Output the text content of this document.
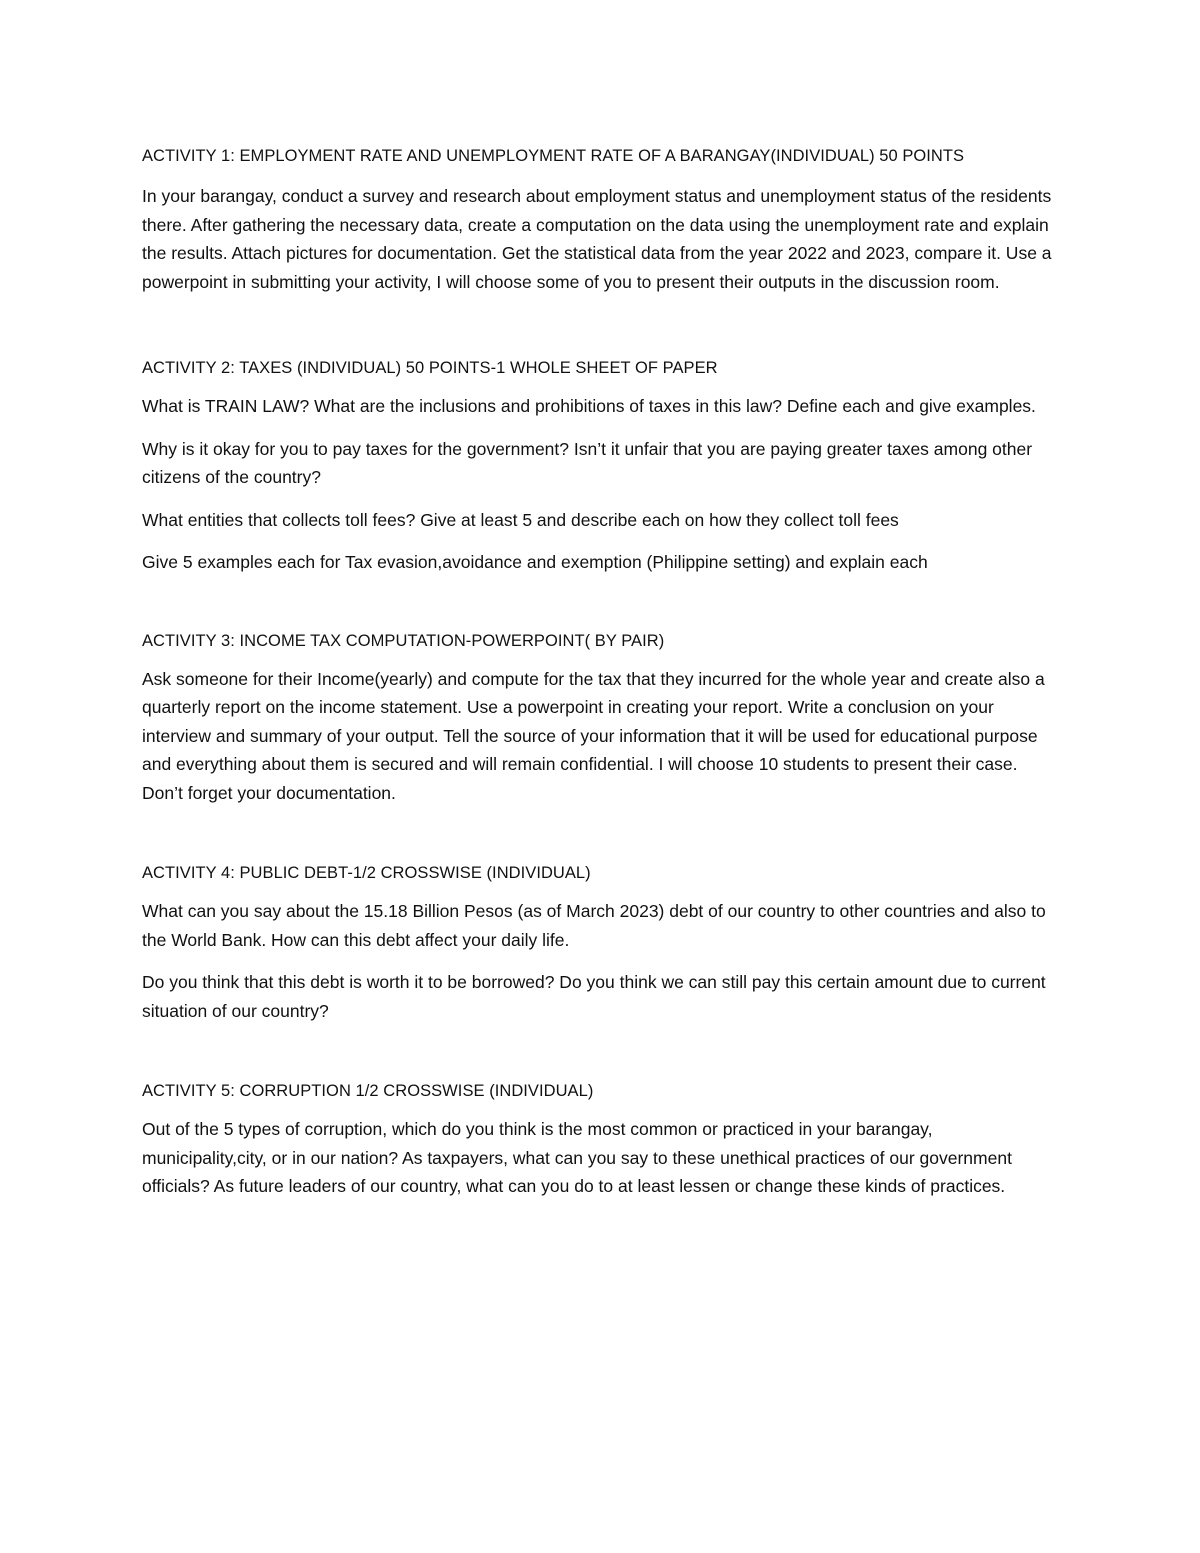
ACTIVITY 1: EMPLOYMENT RATE AND UNEMPLOYMENT RATE OF A BARANGAY(INDIVIDUAL) 50 POINTS

In your barangay, conduct a survey and research about employment status and unemployment status of the residents there. After gathering the necessary data, create a computation on the data using the unemployment rate and explain the results. Attach pictures for documentation. Get the statistical data from the year 2022 and 2023, compare it. Use a powerpoint in submitting your activity, I will choose some of you to present their outputs in the discussion room.

ACTIVITY 2: TAXES (INDIVIDUAL) 50 POINTS-1 WHOLE SHEET OF PAPER

What is TRAIN LAW? What are the inclusions and prohibitions of taxes in this law? Define each and give examples.

Why is it okay for you to pay taxes for the government? Isn’t it unfair that you are paying greater taxes among other citizens of the country?

What entities that collects toll fees? Give at least 5 and describe each on how they collect toll fees

Give 5 examples each for Tax evasion,avoidance and exemption (Philippine setting) and explain each

ACTIVITY 3: INCOME TAX COMPUTATION-POWERPOINT( BY PAIR)

Ask someone for their Income(yearly) and compute for the tax that they incurred for the whole year and create also a quarterly report on the income statement. Use a powerpoint in creating your report. Write a conclusion on your interview and summary of your output. Tell the source of your information that it will be used for educational purpose and everything about them is secured and will remain confidential. I will choose 10 students to present their case. Don’t forget your documentation.

ACTIVITY 4: PUBLIC DEBT-1/2 CROSSWISE (INDIVIDUAL)

What can you say about the 15.18 Billion Pesos (as of March 2023) debt of our country to other countries and also to the World Bank. How can this debt affect your daily life.

Do you think that this debt is worth it to be borrowed? Do you think we can still pay this certain amount due to current situation of our country?

ACTIVITY 5: CORRUPTION 1/2 CROSSWISE (INDIVIDUAL)

Out of the 5 types of corruption, which do you think is the most common or practiced in your barangay, municipality,city, or in our nation? As taxpayers, what can you say to these unethical practices of our government officials? As future leaders of our country, what can you do to at least lessen or change these kinds of practices.
